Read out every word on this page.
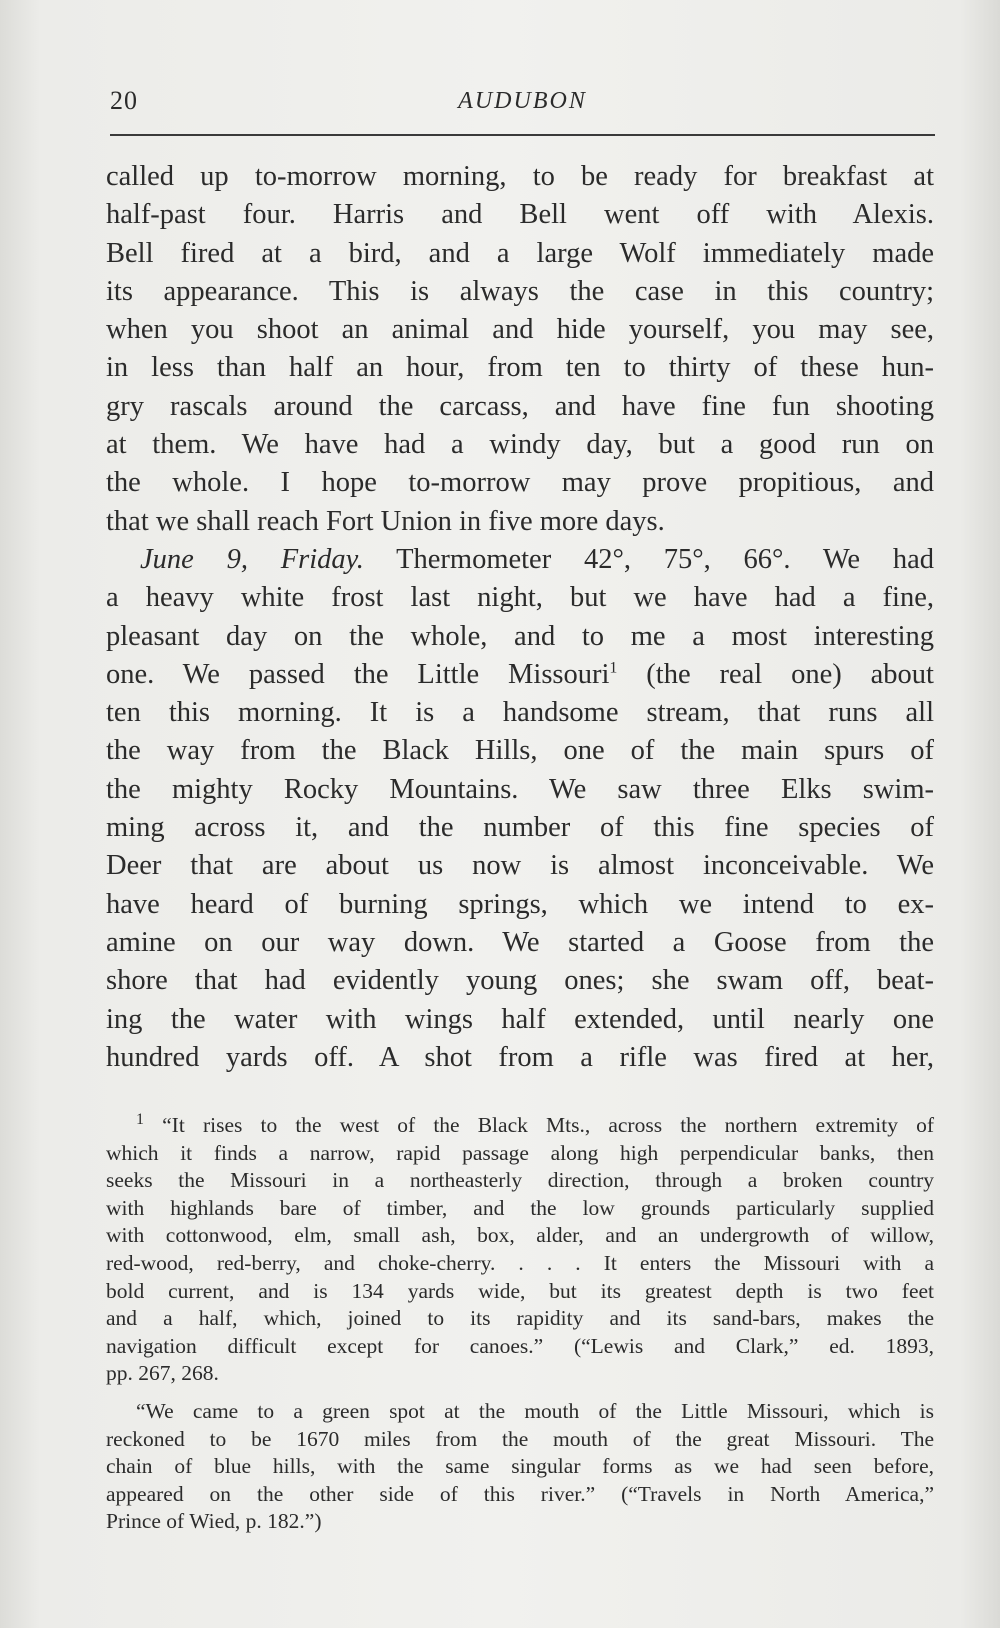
20	AUDUBON
called up to-morrow morning, to be ready for breakfast at
half-past four. Harris and Bell went off with Alexis.
Bell fired at a bird, and a large Wolf immediately made
its appearance. This is always the case in this country;
when you shoot an animal and hide yourself, you may see,
in less than half an hour, from ten to thirty of these hun-
gry rascals around the carcass, and have fine fun shooting
at them. We have had a windy day, but a good run on
the whole. I hope to-morrow may prove propitious, and
that we shall reach Fort Union in five more days.
June 9, Friday. Thermometer 42°, 75°, 66°. We had
a heavy white frost last night, but we have had a fine,
pleasant day on the whole, and to me a most interesting
one. We passed the Little Missouri$^1$ (the real one) about
ten this morning. It is a handsome stream, that runs all
the way from the Black Hills, one of the main spurs of
the mighty Rocky Mountains. We saw three Elks swim-
ming across it, and the number of this fine species of
Deer that are about us now is almost inconceivable. We
have heard of burning springs, which we intend to ex-
amine on our way down. We started a Goose from the
shore that had evidently young ones; she swam off, beat-
ing the water with wings half extended, until nearly one
hundred yards off. A shot from a rifle was fired at her,
$^1$ “It rises to the west of the Black Mts., across the northern extremity of
which it finds a narrow, rapid passage along high perpendicular banks, then
seeks the Missouri in a northeasterly direction, through a broken country
with highlands bare of timber, and the low grounds particularly supplied
with cottonwood, elm, small ash, box, alder, and an undergrowth of willow,
red-wood, red-berry, and choke-cherry. . . . It enters the Missouri with a
bold current, and is 134 yards wide, but its greatest depth is two feet
and a half, which, joined to its rapidity and its sand-bars, makes the
navigation difficult except for canoes.” (“Lewis and Clark,” ed. 1893,
pp. 267, 268.
“We came to a green spot at the mouth of the Little Missouri, which is
reckoned to be 1670 miles from the mouth of the great Missouri. The
chain of blue hills, with the same singular forms as we had seen before,
appeared on the other side of this river.” (“Travels in North America,”
Prince of Wied, p. 182.”)
